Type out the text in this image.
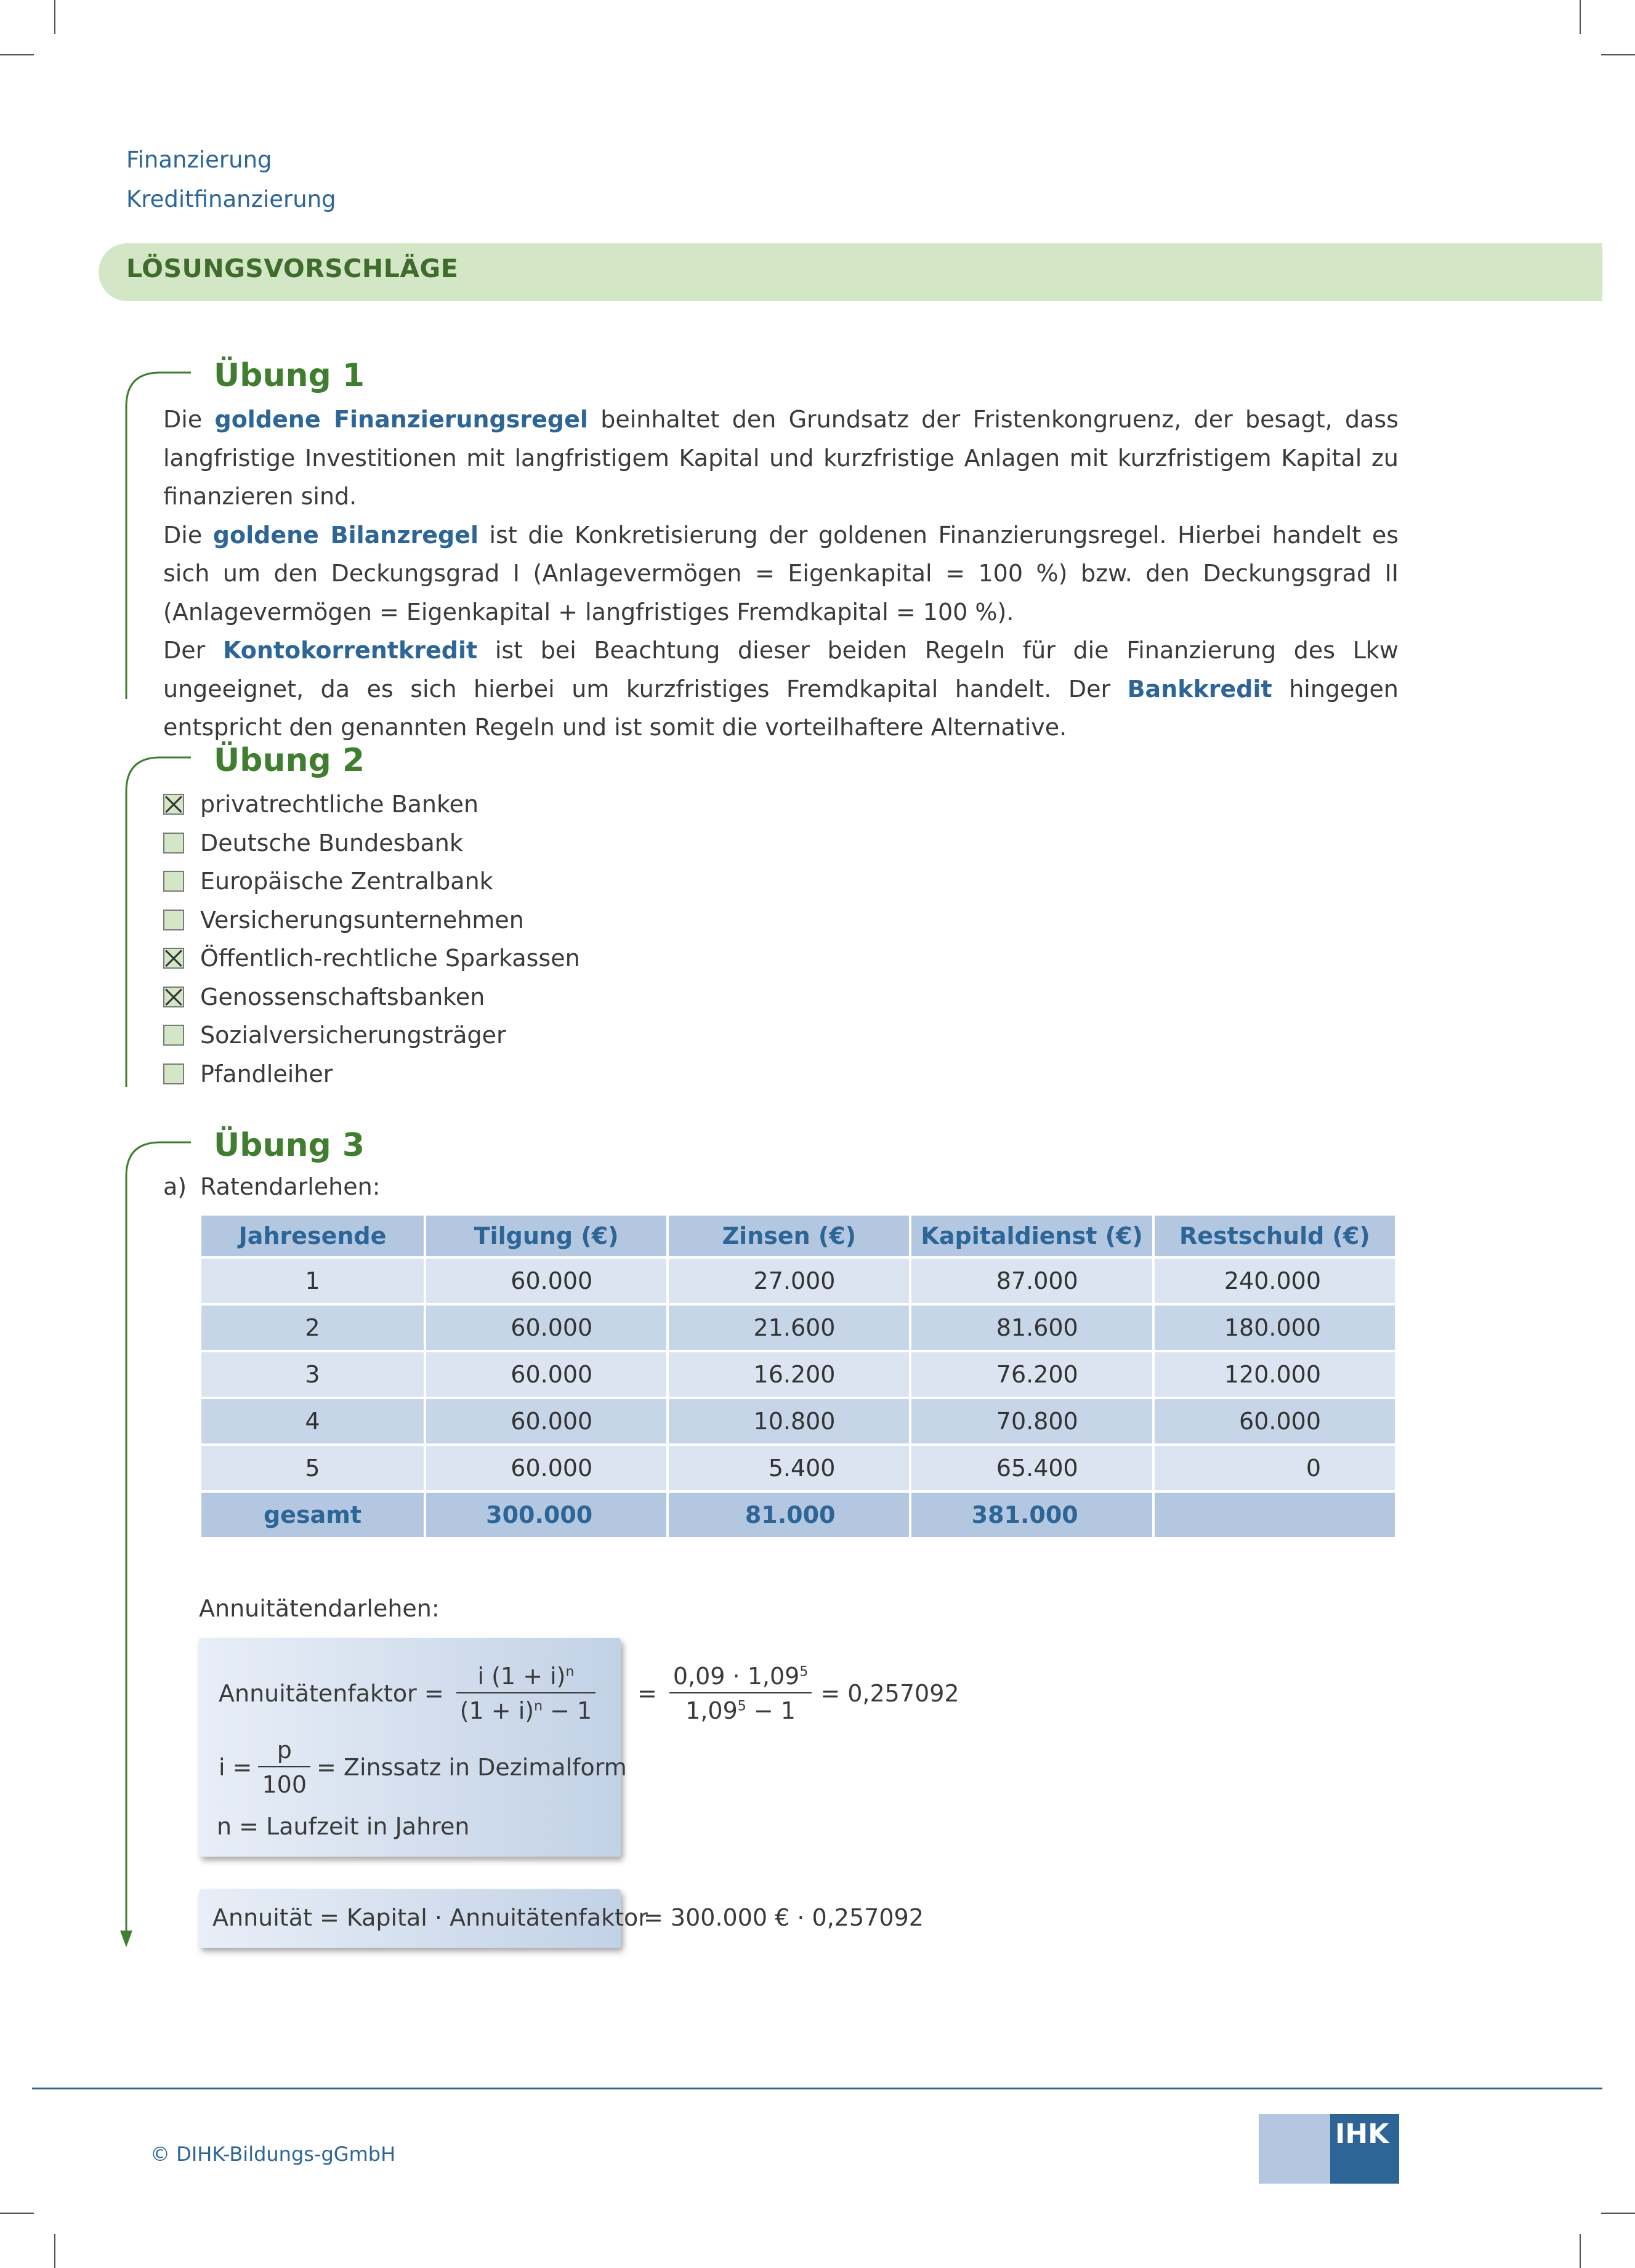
Finanzierung
Kreditfinanzierung
LÖSUNGSVORSCHLÄGE
Übung 1

Die goldene Finanzierungsregel beinhaltet den Grundsatz der Fristenkongruenz, der besagt, dass langfristige Investitionen mit langfristigem Kapital und kurzfristige Anlagen mit kurzfristigem Kapital zu finanzieren sind.

Die goldene Bilanzregel ist die Konkretisierung der goldenen Finanzierungsregel. Hierbei handelt es sich um den Deckungsgrad I (Anlagevermögen = Eigenkapital = 100 %) bzw. den Deckungsgrad II (Anlagevermögen = Eigenkapital + langfristiges Fremdkapital = 100 %).

Der Kontokorrentkredit ist bei Beachtung dieser beiden Regeln für die Finanzierung des Lkw ungeeignet, da es sich hierbei um kurzfristiges Fremdkapital handelt. Der Bankkredit hingegen entspricht den genannten Regeln und ist somit die vorteilhaftere Alternative.

Übung 2
privatrechtliche Banken
Deutsche Bundesbank
Europäische Zentralbank
Versicherungsunternehmen
Öffentlich-rechtliche Sparkassen
Genossenschaftsbanken
Sozialversicherungsträger
Pfandleiher
Übung 3
a) Ratendarlehen:
Jahresende	Tilgung (€)	Zinsen (€)	Kapitaldienst (€)	Restschuld (€)
1	60.000	27.000	87.000	240.000
2	60.000	21.600	81.600	180.000
3	60.000	16.200	76.200	120.000
4	60.000	10.800	70.800	60.000
5	60.000	5.400	65.400	0
gesamt	300.000	81.000	381.000	
Annuitätendarlehen:
Annuitätenfaktor = $\frac{i (1 + i)^n}{(1 + i)^n - 1}$
$i = \frac{p}{100}$ = Zinssatz in Dezimalform
n = Laufzeit in Jahren
= $\frac{0,09 \cdot 1,09^5}{1,09^5 - 1} = 0,257092$
Annuität = Kapital · Annuitätenfaktor
= 300.000 € · 0,257092
© DIHK-Bildungs-gGmbH
IHK
